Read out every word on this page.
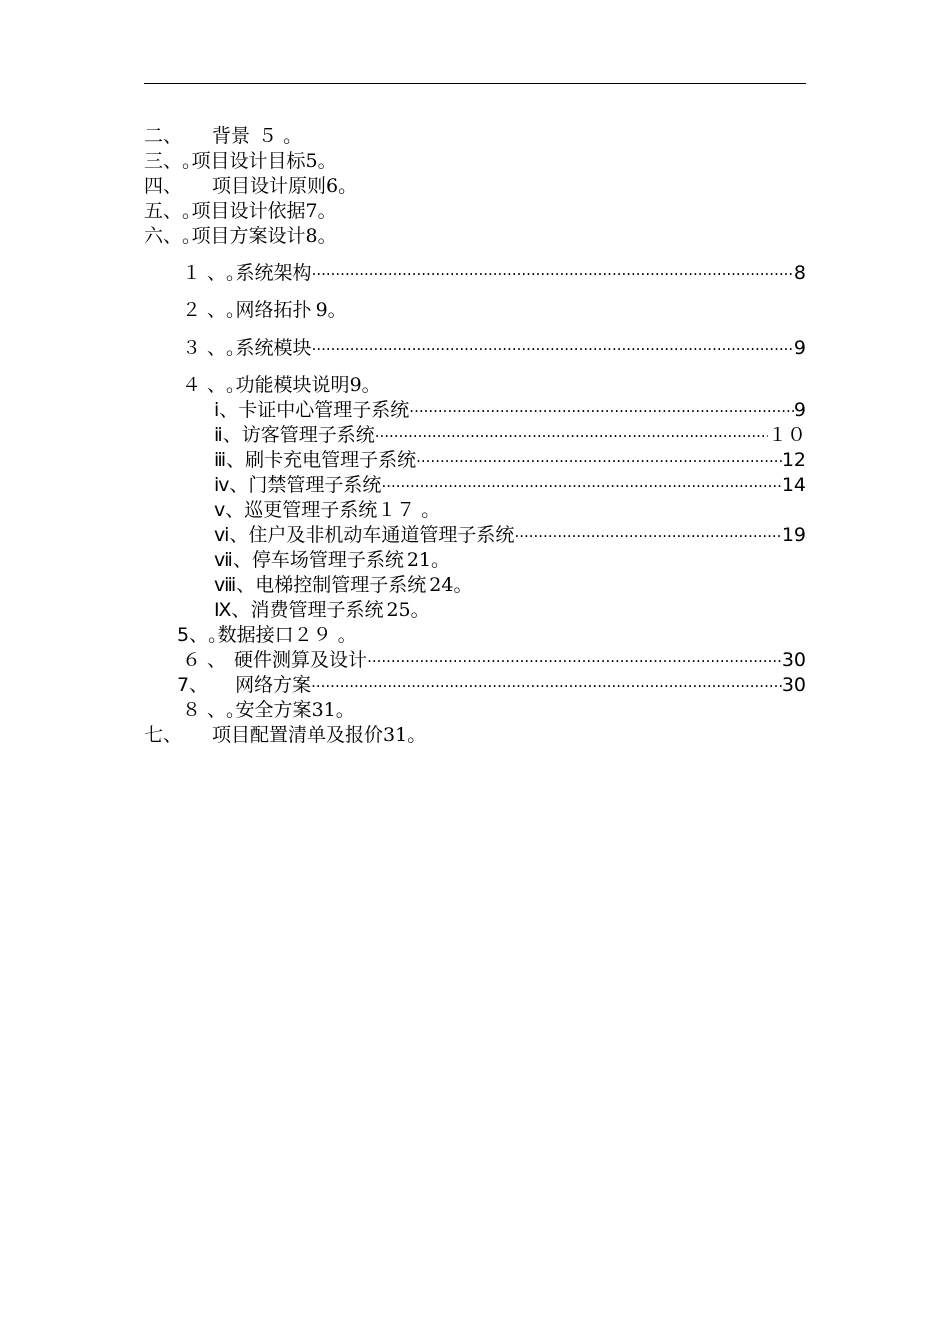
二、 背景 ５ ｡
三、 ｡项目设计目标 5｡
四、 项目设计原则 6｡
五、 ｡项目设计依据 7｡
六、 ｡项目方案设计 8｡
１ 、 ｡系统架构 .....	8
２ 、 ｡网络拓扑 9｡
３ 、 ｡系统模块 .....	9
４ 、 ｡功能模块说明 9｡
ⅰ、 卡证中心管理子系统 .....	9
ⅱ、 访客管理子系统 .....	１０
ⅲ、 刷卡充电管理子系统 .....	12
ⅳ、 门禁管理子系统 .....	14
ⅴ、 巡更管理子系统 １７ ｡
ⅵ、 住户及非机动车通道管理子系统 .....	19
ⅶ、 停车场管理子系统 21｡
ⅷ、 电梯控制管理子系统 24｡
Ⅸ、 消费管理子系统 25｡
5、 ｡数据接口 ２９ ｡
６ 、 硬件测算及设计 .....	30
7、 网络方案 .....	30
８ 、 ｡安全方案 31｡
七、 项目配置清单及报价 31｡
